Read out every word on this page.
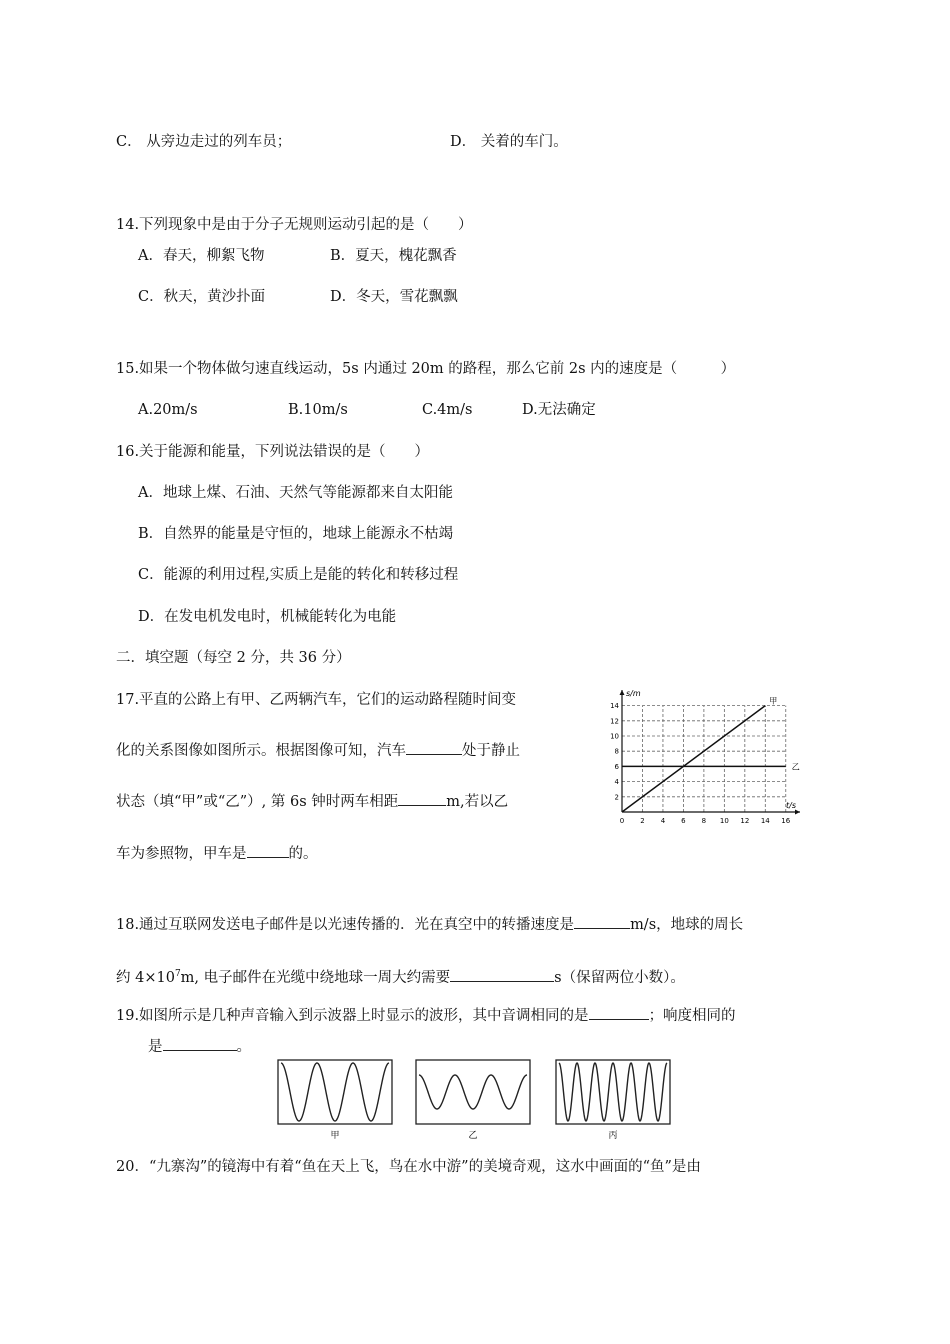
C． 从旁边走过的列车员；	D． 关着的车门。
14.下列现象中是由于分子无规则运动引起的是（　　）
A．春天，柳絮飞物	B．夏天，槐花飘香
C．秋天，黄沙扑面	D．冬天，雪花飘飘
15.如果一个物体做匀速直线运动，5s 内通过 20m 的路程，那么它前 2s 内的速度是（　　　）
A.20m/s	B.10m/s	C.4m/s	D.无法确定
16.关于能源和能量，下列说法错误的是（　　）
A．地球上煤、石油、天然气等能源都来自太阳能
B．自然界的能量是守恒的，地球上能源永不枯竭
C．能源的利用过程,实质上是能的转化和转移过程
D．在发电机发电时，机械能转化为电能
二．填空题（每空 2 分，共 36 分）
17.平直的公路上有甲、乙两辆汽车，它们的运动路程随时间变
化的关系图像如图所示。根据图像可知，汽车	处于静止
状态（填“甲”或“乙”）, 第 6s 钟时两车相距	m,若以乙
车为参照物，甲车是	的。
0 2 4 6 8 10 12 14 16
2
4
6
8
10
12
14
s/m
t/s
甲
乙
18.通过互联网发送电子邮件是以光速传播的．光在真空中的转播速度是	m/s，地球的周长
约 $4\times 10^7m$, 电子邮件在光缆中绕地球一周大约需要	s（保留两位小数）。
19.如图所示是几种声音输入到示波器上时显示的波形，其中音调相同的是	；响度相同的
是	。
甲	乙	丙
20．“九寨沟”的镜海中有着“鱼在天上飞，鸟在水中游”的美境奇观，这水中画面的“鱼”是由
